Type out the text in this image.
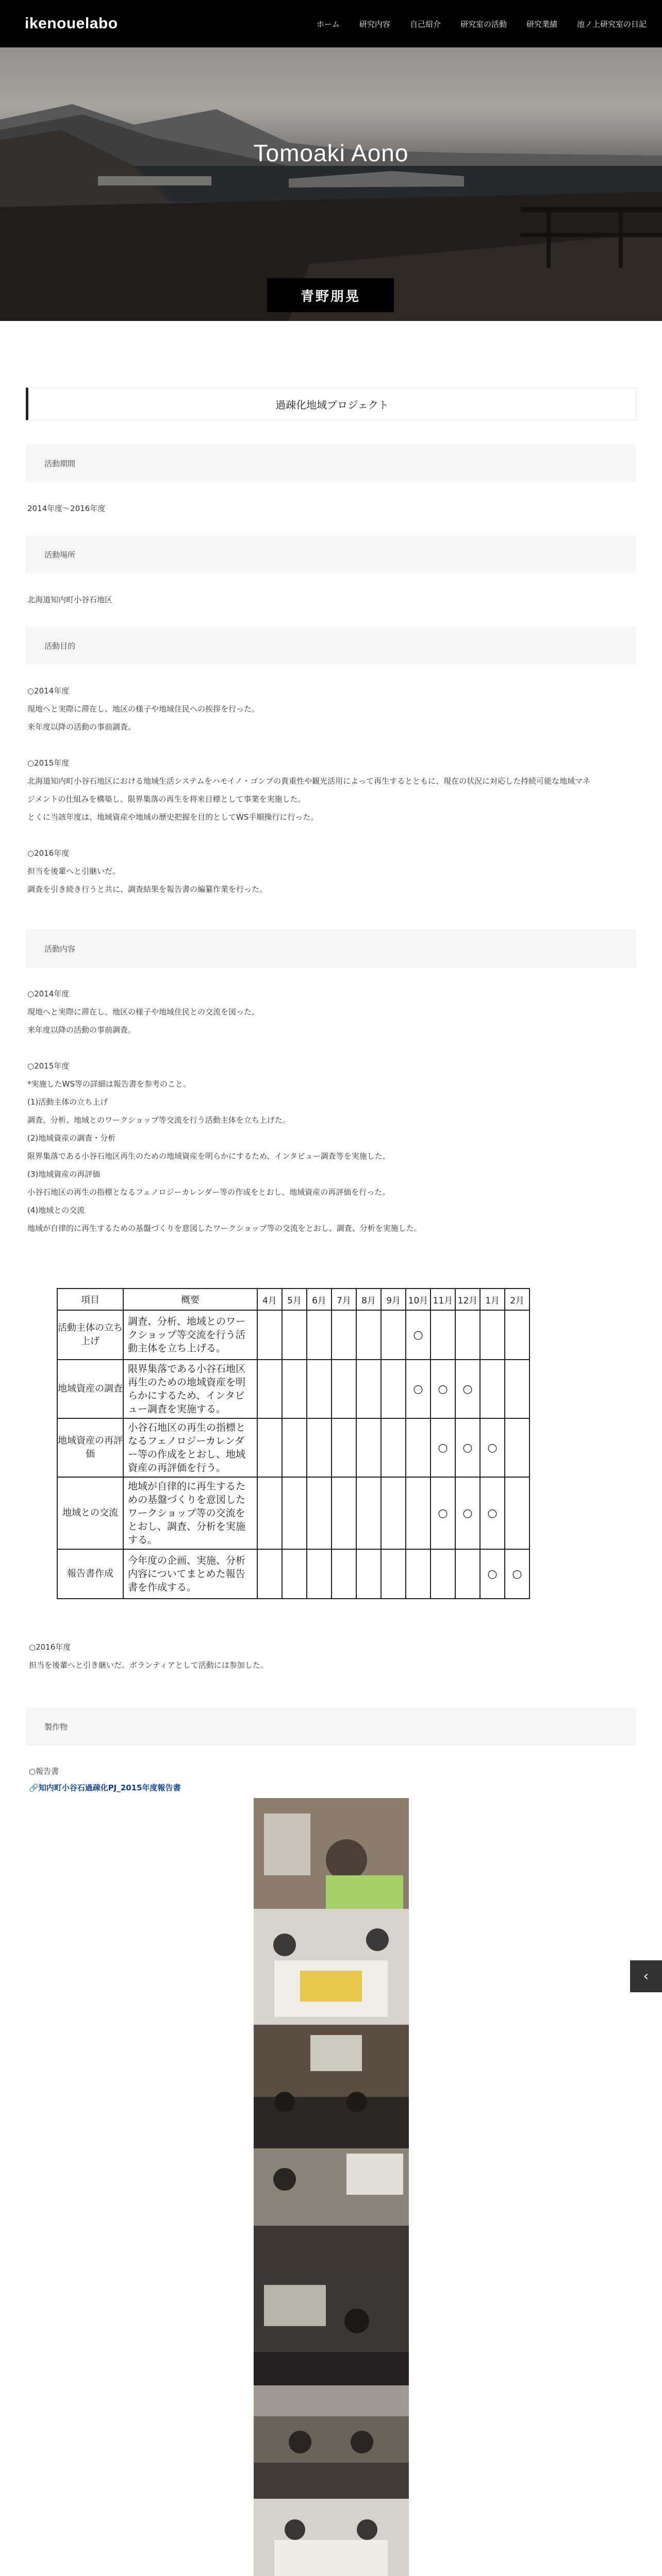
ikenouelabo	ホーム	研究内容	自己紹介	研究室の活動	研究業績	池ノ上研究室の日記
Tomoaki Aono
青野朋晃
過疎化地域プロジェクト
活動期間

2014年度〜2016年度

活動場所

北海道知内町小谷石地区

活動目的

○2014年度

現地へと実際に滞在し、地区の様子や地域住民への挨拶を行った。

来年度以降の活動の事前調査。

○2015年度

北海道知内町小谷石地区における地域生活システムをハモイノ・ゴンプの貴重性や観光活用によって再生するとともに、現在の状況に対応した持続可能な地域マネ

ジメントの仕組みを構築し、限界集落の再生を将来目標として事業を実施した。

とくに当該年度は、地域資産や地域の歴史把握を目的としてWS手順操行に行った。

○2016年度

担当を後輩へと引継いだ。

調査を引き続き行うと共に、調査結果を報告書の編纂作業を行った。

活動内容

○2014年度

現地へと実際に滞在し、地区の様子や地域住民との交流を図った。

来年度以降の活動の事前調査。

○2015年度

*実施したWS等の詳細は報告書を参考のこと。

(1)活動主体の立ち上げ

調査、分析、地域とのワークショップ等交流を行う活動主体を立ち上げた。

(2)地域資産の調査・分析

限界集落である小谷石地区再生のための地域資産を明らかにするため、インタビュー調査等を実施した。

(3)地域資産の再評価

小谷石地区の再生の指標となるフェノロジーカレンダー等の作成をとおし、地域資産の再評価を行った。

(4)地域との交流

地域が自律的に再生するための基盤づくりを意図したワークショップ等の交流をとおし、調査、分析を実施した。

項目	概要	4月	5月	6月	7月	8月	9月	10月	11月	12月	1月	2月
活動主体の立ち上げ	調査、分析、地域とのワークショップ等交流を行う活動主体を立ち上げる。							○				
地域資産の調査	限界集落である小谷石地区再生のための地域資産を明らかにするため、インタビュー調査を実施する。							○	○	○		
地域資産の再評価	小谷石地区の再生の指標となるフェノロジーカレンダー等の作成をとおし、地域資産の再評価を行う。								○	○	○	
地域との交流	地域が自律的に再生するための基盤づくりを意図したワークショップ等の交流をとおし、調査、分析を実施する。								○	○	○	
報告書作成	今年度の企画、実施、分析内容についてまとめた報告書を作成する。										○	○

○2016年度

担当を後輩へと引き継いだ。ボランティアとして活動には参加した。

製作物

○報告書

🔗知内町小谷石過疎化PJ_2015年度報告書

‹
